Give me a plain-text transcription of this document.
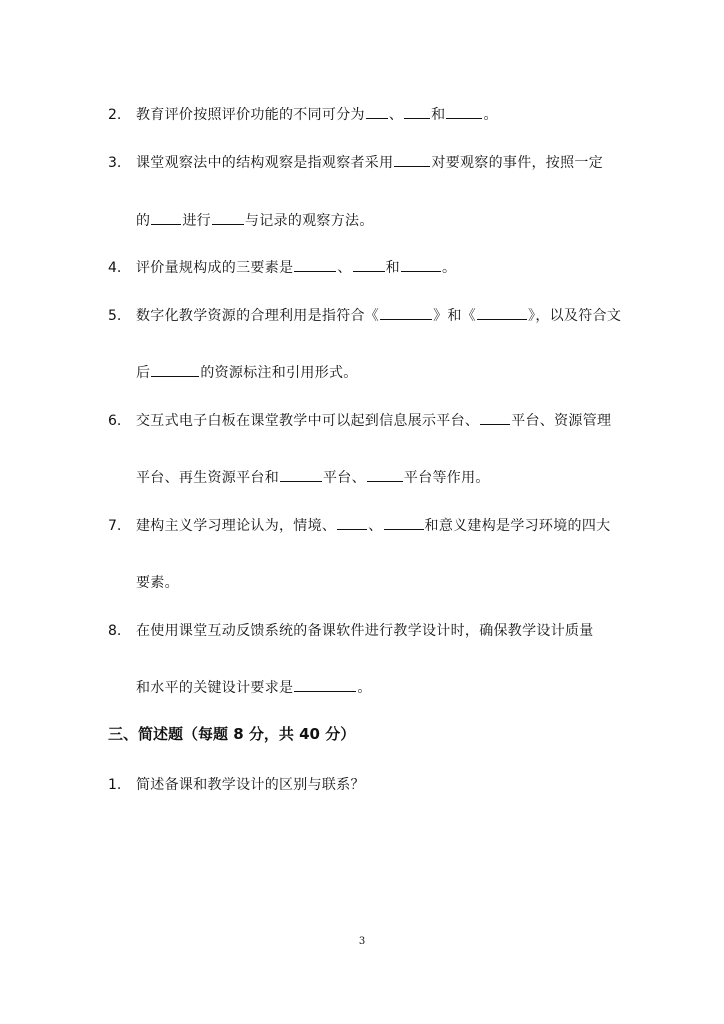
2. 教育评价按照评价功能的不同可分为 、 和	。
3. 课堂观察法中的结构观察是指观察者采用	对要观察的事件，按照一定
的 进行 与记录的观察方法。
4. 评价量规构成的三要素是	、 和	。
5. 数字化教学资源的合理利用是指符合《	》和《	》，以及符合文
后	的资源标注和引用形式。
6. 交互式电子白板在课堂教学中可以起到信息展示平台、 平台、资源管理
平台、再生资源平台和	平台、	平台等作用。
7. 建构主义学习理论认为，情境、 、	和意义建构是学习环境的四大
要素。
8. 在使用课堂互动反馈系统的备课软件进行教学设计时，确保教学设计质量
和水平的关键设计要求是	。
三、简述题（每题 8 分，共 40 分）
1. 简述备课和教学设计的区别与联系？
3
